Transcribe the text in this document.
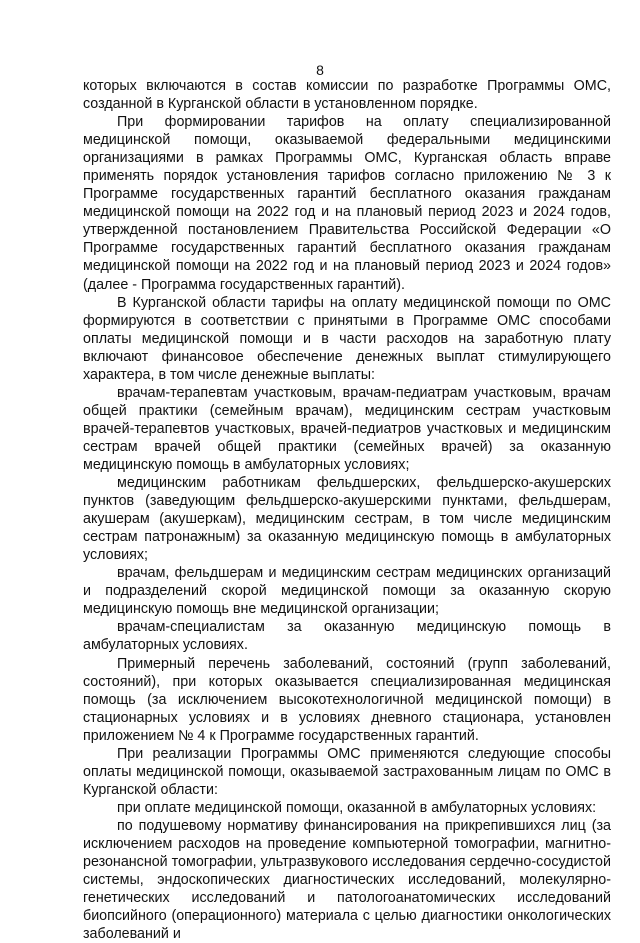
8

которых включаются в состав комиссии по разработке Программы ОМС, созданной в Курганской области в установленном порядке.

При формировании тарифов на оплату специализированной медицинской помощи, оказываемой федеральными медицинскими организациями в рамках Программы ОМС, Курганская область вправе применять порядок установления тарифов согласно приложению № 3 к Программе государственных гарантий бесплатного оказания гражданам медицинской помощи на 2022 год и на плановый период 2023 и 2024 годов, утвержденной постановлением Правительства Российской Федерации «О Программе государственных гарантий бесплатного оказания гражданам медицинской помощи на 2022 год и на плановый период 2023 и 2024 годов» (далее - Программа государственных гарантий).

В Курганской области тарифы на оплату медицинской помощи по ОМС формируются в соответствии с принятыми в Программе ОМС способами оплаты медицинской помощи и в части расходов на заработную плату включают финансовое обеспечение денежных выплат стимулирующего характера, в том числе денежные выплаты:

врачам-терапевтам участковым, врачам-педиатрам участковым, врачам общей практики (семейным врачам), медицинским сестрам участковым врачей-терапевтов участковых, врачей-педиатров участковых и медицинским сестрам врачей общей практики (семейных врачей) за оказанную медицинскую помощь в амбулаторных условиях;

медицинским работникам фельдшерских, фельдшерско-акушерских пунктов (заведующим фельдшерско-акушерскими пунктами, фельдшерам, акушерам (акушеркам), медицинским сестрам, в том числе медицинским сестрам патронажным) за оказанную медицинскую помощь в амбулаторных условиях;

врачам, фельдшерам и медицинским сестрам медицинских организаций и подразделений скорой медицинской помощи за оказанную скорую медицинскую помощь вне медицинской организации;

врачам-специалистам за оказанную медицинскую помощь в амбулаторных условиях.

Примерный перечень заболеваний, состояний (групп заболеваний, состояний), при которых оказывается специализированная медицинская помощь (за исключением высокотехнологичной медицинской помощи) в стационарных условиях и в условиях дневного стационара, установлен приложением № 4 к Программе государственных гарантий.

При реализации Программы ОМС применяются следующие способы оплаты медицинской помощи, оказываемой застрахованным лицам по ОМС в Курганской области:

при оплате медицинской помощи, оказанной в амбулаторных условиях:

по подушевому нормативу финансирования на прикрепившихся лиц (за исключением расходов на проведение компьютерной томографии, магнитно-резонансной томографии, ультразвукового исследования сердечно-сосудистой системы, эндоскопических диагностических исследований, молекулярно-генетических исследований и патологоанатомических исследований биопсийного (операционного) материала с целью диагностики онкологических заболеваний и
